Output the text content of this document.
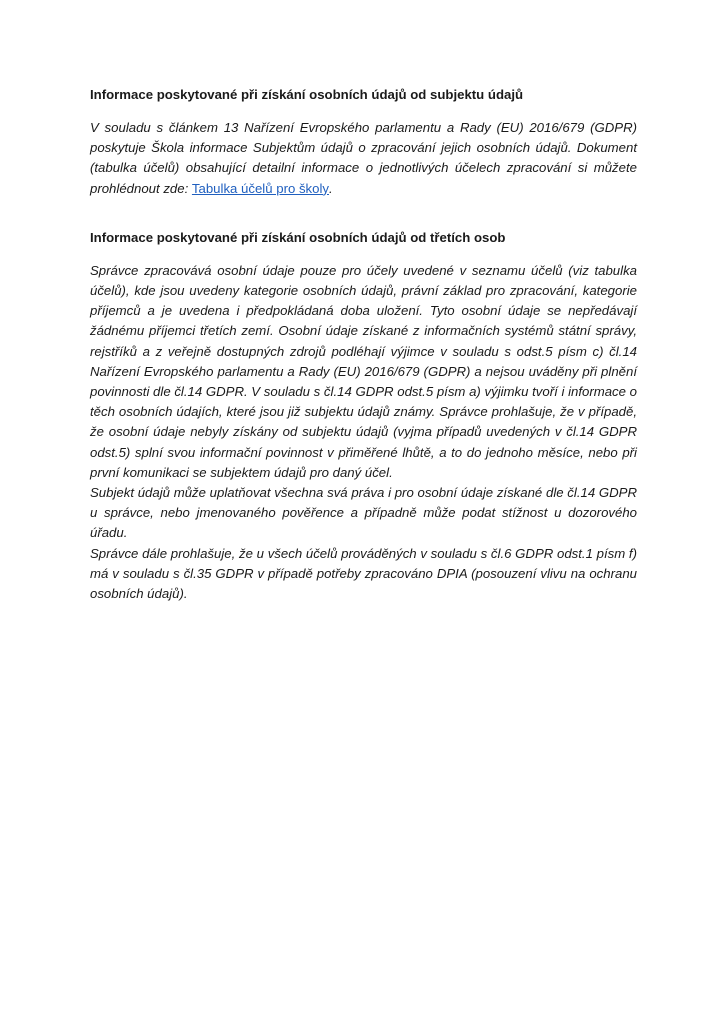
Informace poskytované při získání osobních údajů od subjektu údajů

V souladu s článkem 13 Nařízení Evropského parlamentu a Rady (EU) 2016/679 (GDPR) poskytuje Škola informace Subjektům údajů o zpracování jejich osobních údajů. Dokument (tabulka účelů) obsahující detailní informace o jednotlivých účelech zpracování si můžete prohlédnout zde: Tabulka účelů pro školy.

Informace poskytované při získání osobních údajů od třetích osob

Správce zpracovává osobní údaje pouze pro účely uvedené v seznamu účelů (viz tabulka účelů), kde jsou uvedeny kategorie osobních údajů, právní základ pro zpracování, kategorie příjemců a je uvedena i předpokládaná doba uložení. Tyto osobní údaje se nepředávají žádnému příjemci třetích zemí. Osobní údaje získané z informačních systémů státní správy, rejstříků a z veřejně dostupných zdrojů podléhají výjimce v souladu s odst.5 písm c) čl.14 Nařízení Evropského parlamentu a Rady (EU) 2016/679 (GDPR) a nejsou uváděny při plnění povinnosti dle čl.14 GDPR. V souladu s čl.14 GDPR odst.5 písm a) výjimku tvoří i informace o těch osobních údajích, které jsou již subjektu údajů známy. Správce prohlašuje, že v případě, že osobní údaje nebyly získány od subjektu údajů (vyjma případů uvedených v čl.14 GDPR odst.5) splní svou informační povinnost v přiměřené lhůtě, a to do jednoho měsíce, nebo při první komunikaci se subjektem údajů pro daný účel.

Subjekt údajů může uplatňovat všechna svá práva i pro osobní údaje získané dle čl.14 GDPR u správce, nebo jmenovaného pověřence a případně může podat stížnost u dozorového úřadu.

Správce dále prohlašuje, že u všech účelů prováděných v souladu s čl.6 GDPR odst.1 písm f) má v souladu s čl.35 GDPR v případě potřeby zpracováno DPIA (posouzení vlivu na ochranu osobních údajů).
